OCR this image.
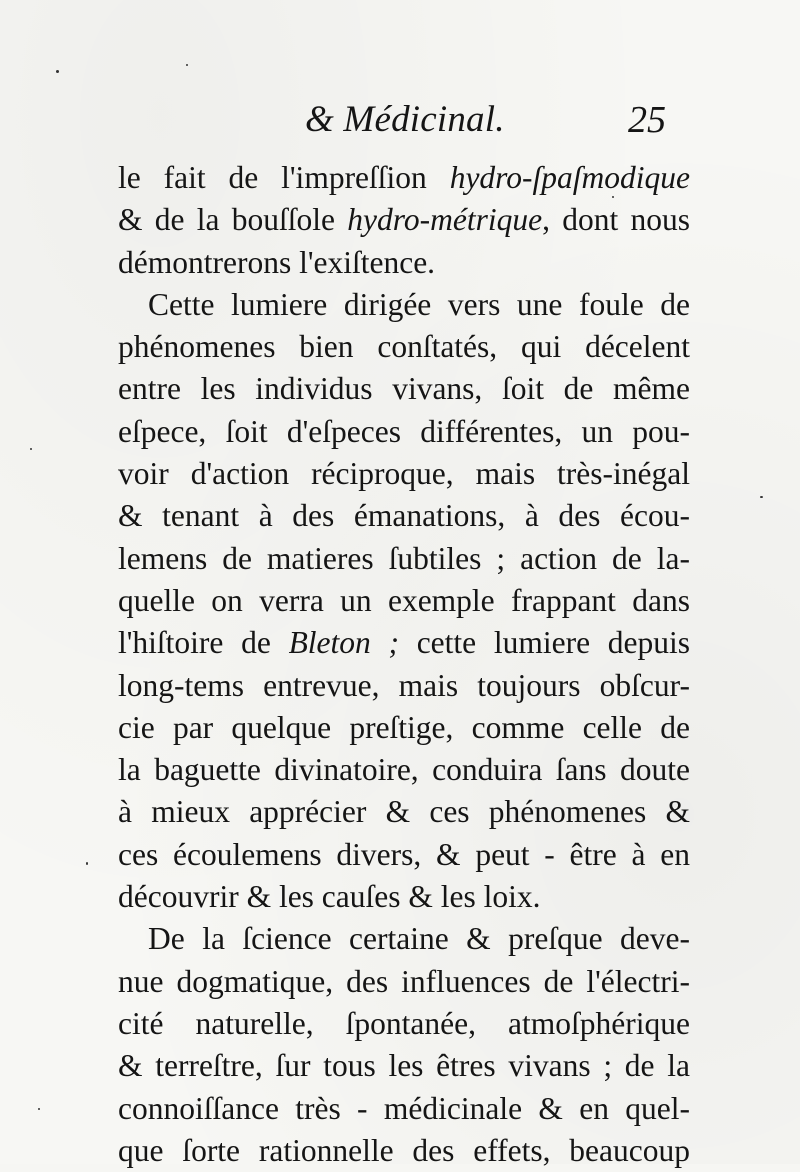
& Médicinal.	25
le fait de l'impreſſion hydro-ſpaſmodique
& de la bouſſole hydro-métrique, dont nous
démontrerons l'exiſtence.
Cette lumiere dirigée vers une foule de
phénomenes bien conſtatés, qui décelent
entre les individus vivans, ſoit de même
eſpece, ſoit d'eſpeces différentes, un pou-
voir d'action réciproque, mais très-inégal
& tenant à des émanations, à des écou-
lemens de matieres ſubtiles ; action de la-
quelle on verra un exemple frappant dans
l'hiſtoire de Bleton ; cette lumiere depuis
long-tems entrevue, mais toujours obſcur-
cie par quelque preſtige, comme celle de
la baguette divinatoire, conduira ſans doute
à mieux apprécier & ces phénomenes &
ces écoulemens divers, & peut - être à en
découvrir & les cauſes & les loix.
De la ſcience certaine & preſque deve-
nue dogmatique, des influences de l'électri-
cité naturelle, ſpontanée, atmoſphérique
& terreſtre, ſur tous les êtres vivans ; de la
connoiſſance très - médicinale & en quel-
que ſorte rationnelle des effets, beaucoup
